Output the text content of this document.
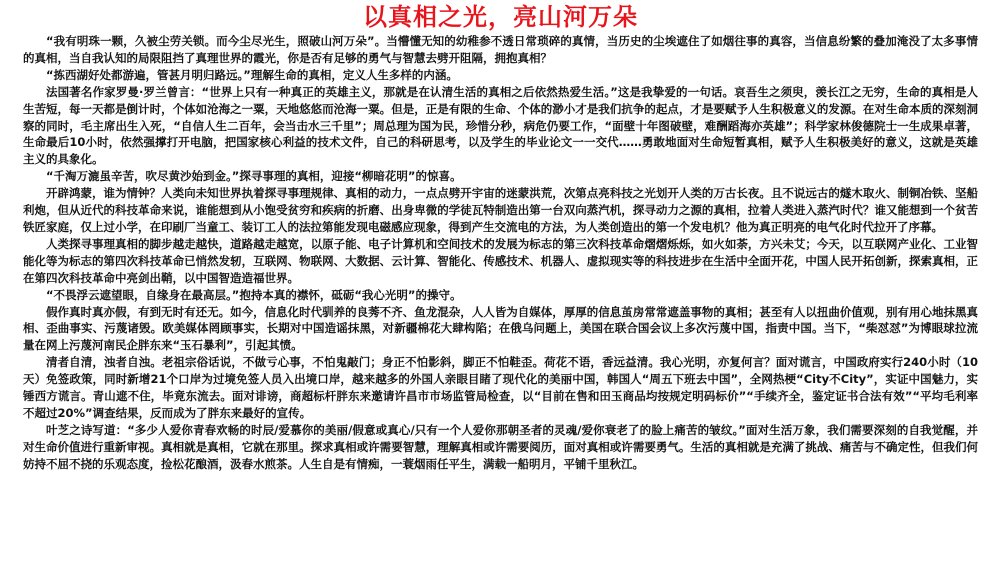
以真相之光，亮山河万朵

“我有明珠一颗，久被尘劳关锁。而今尘尽光生，照破山河万朵”。当懵懂无知的幼稚参不透日常琐碎的真情，当历史的尘埃遮住了如烟往事的真容，当信息纷繁的叠加淹没了太多事情的真相，当自我认知的局限阻挡了真理世界的霞光，你是否有足够的勇气与智慧去劈开阻隔，拥抱真相？

“拣西湖好处都游遍，管甚月明归路远。”理解生命的真相，定义人生多样的内涵。

法国著名作家罗曼·罗兰曾言：“世界上只有一种真正的英雄主义，那就是在认清生活的真相之后依然热爱生活。”这是我挚爱的一句话。哀吾生之须臾，羡长江之无穷，生命的真相是人生苦短，每一天都是倒计时，个体如沧海之一粟，天地悠悠而沧海一粟。但是，正是有限的生命、个体的渺小才是我们抗争的起点，才是要赋予人生积极意义的发源。在对生命本质的深刻洞察的同时，毛主席出生入死，“自信人生二百年，会当击水三千里”；周总理为国为民，珍惜分秒，病危仍要工作，“面壁十年图破壁，难酬蹈海亦英雄”；科学家林俊德院士一生成果卓著，生命最后10小时，依然强撑打开电脑，把国家核心利益的技术文件，自己的科研思考，以及学生的毕业论文一一交代……勇敢地面对生命短暂真相，赋予人生积极美好的意义，这就是英雄主义的具象化。

“千淘万漉虽辛苦，吹尽黄沙始到金。”探寻事理的真相，迎接“柳暗花明”的惊喜。

开辟鸿蒙，谁为情钟？人类向未知世界执着探寻事理规律、真相的动力，一点点劈开宇宙的迷蒙洪荒，次第点亮科技之光划开人类的万古长夜。且不说远古的燧木取火、制铜冶铁、坚船利炮，但从近代的科技革命来说，谁能想到从小饱受贫穷和疾病的折磨、出身卑微的学徒瓦特制造出第一台双向蒸汽机，探寻动力之源的真相，拉着人类进入蒸汽时代？谁又能想到一个贫苦铁匠家庭，仅上过小学，在印刷厂当童工、装订工人的法拉第能发现电磁感应现象，得到产生交流电的方法，为人类创造出的第一个发电机？他为真正明亮的电气化时代拉开了序幕。

人类探寻事理真相的脚步越走越快，道路越走越宽，以原子能、电子计算机和空间技术的发展为标志的第三次科技革命熠熠烁烁，如火如荼，方兴未艾；今天，以互联网产业化、工业智能化等为标志的第四次科技革命已悄然发轫，互联网、物联网、大数据、云计算、智能化、传感技术、机器人、虚拟现实等的科技进步在生活中全面开花，中国人民开拓创新，探索真相，正在第四次科技革命中亮剑出鞘，以中国智造造福世界。

“不畏浮云遮望眼，自缘身在最高层。”抱持本真的襟怀，砥砺“我心光明”的操守。

假作真时真亦假，有到无时有还无。如今，信息化时代驯养的良莠不齐、鱼龙混杂，人人皆为自媒体，厚厚的信息茧房常常遮盖事物的真相；甚至有人以扭曲价值观，别有用心地抹黑真相、歪曲事实、污蔑诸毁。欧美媒体罔顾事实，长期对中国造谣抹黑，对新疆棉花大肆构陷；在俄乌问题上，美国在联合国会议上多次污蔑中国，指责中国。当下，“柴怼怼”为博眼球拉流量在网上污蔑河南民企胖东来“玉石暴利”，引起其愤。

清者自清，浊者自浊。老祖宗俗话说，不做亏心事，不怕鬼敲门；身正不怕影斜，脚正不怕鞋歪。荷花不语，香远益清。我心光明，亦复何言？面对谎言，中国政府实行240小时（10天）免签政策，同时新增21个口岸为过境免签人员入出境口岸，越来越多的外国人亲眼目睹了现代化的美丽中国，韩国人“周五下班去中国”，全网热梗“City不City”，实证中国魅力，实锤西方谎言。青山遮不住，毕竟东流去。面对诽谤，商超标杆胖东来邀请许昌市市场监管局检查，以“目前在售和田玉商品均按规定明码标价”“手续齐全，鉴定证书合法有效”“平均毛利率不超过20%”调查结果，反而成为了胖东来最好的宣传。

叶芝之诗写道：“多少人爱你青春欢畅的时辰/爱慕你的美丽/假意或真心/只有一个人爱你那朝圣者的灵魂/爱你衰老了的脸上痛苦的皱纹。”面对生活万象，我们需要深刻的自我觉醒，并对生命价值进行重新审视。真相就是真相，它就在那里。探求真相或许需要智慧，理解真相或许需要阅历，面对真相或许需要勇气。生活的真相就是充满了挑战、痛苦与不确定性，但我们何妨持不屈不挠的乐观态度，捡松花酿酒，汲春水煎茶。人生自是有情痴，一蓑烟雨任平生，满载一船明月，平铺千里秋江。
